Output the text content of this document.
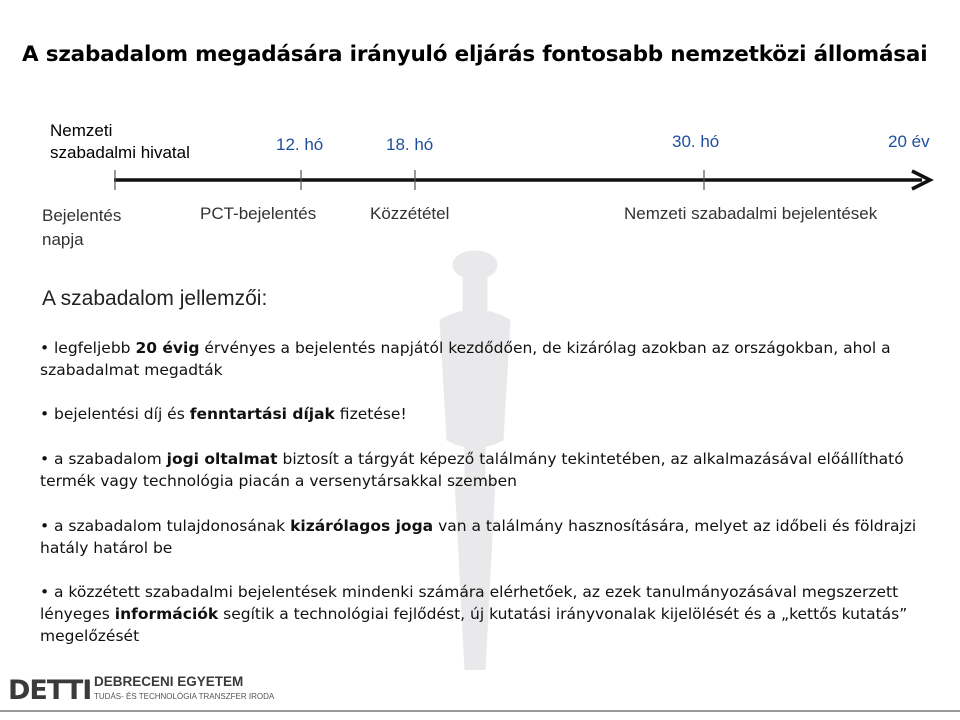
A szabadalom megadására irányuló eljárás fontosabb nemzetközi állomásai
Nemzeti
szabadalmi hivatal	12. hó	18. hó	30. hó	20 év
Bejelentés
napja
PCT-bejelentés	Közzététel	Nemzeti szabadalmi bejelentések
A szabadalom jellemzői:
• legfeljebb 20 évig érvényes a bejelentés napjától kezdődően, de kizárólag azokban az országokban, ahol a szabadalmat megadták
• bejelentési díj és fenntartási díjak fizetése!
• a szabadalom jogi oltalmat biztosít a tárgyát képező találmány tekintetében, az alkalmazásával előállítható termék vagy technológia piacán a versenytársakkal szemben
• a szabadalom tulajdonosának kizárólagos joga van a találmány hasznosítására, melyet az időbeli és földrajzi hatály határol be
• a közzétett szabadalmi bejelentések mindenki számára elérhetőek, az ezek tanulmányozásával megszerzett lényeges információk segítik a technológiai fejlődést, új kutatási irányvonalak kijelölését és a „kettős kutatás” megelőzését
DETTI DEBRECENI EGYETEM
TUDÁS- ÉS TECHNOLÓGIA TRANSZFER IRODA
